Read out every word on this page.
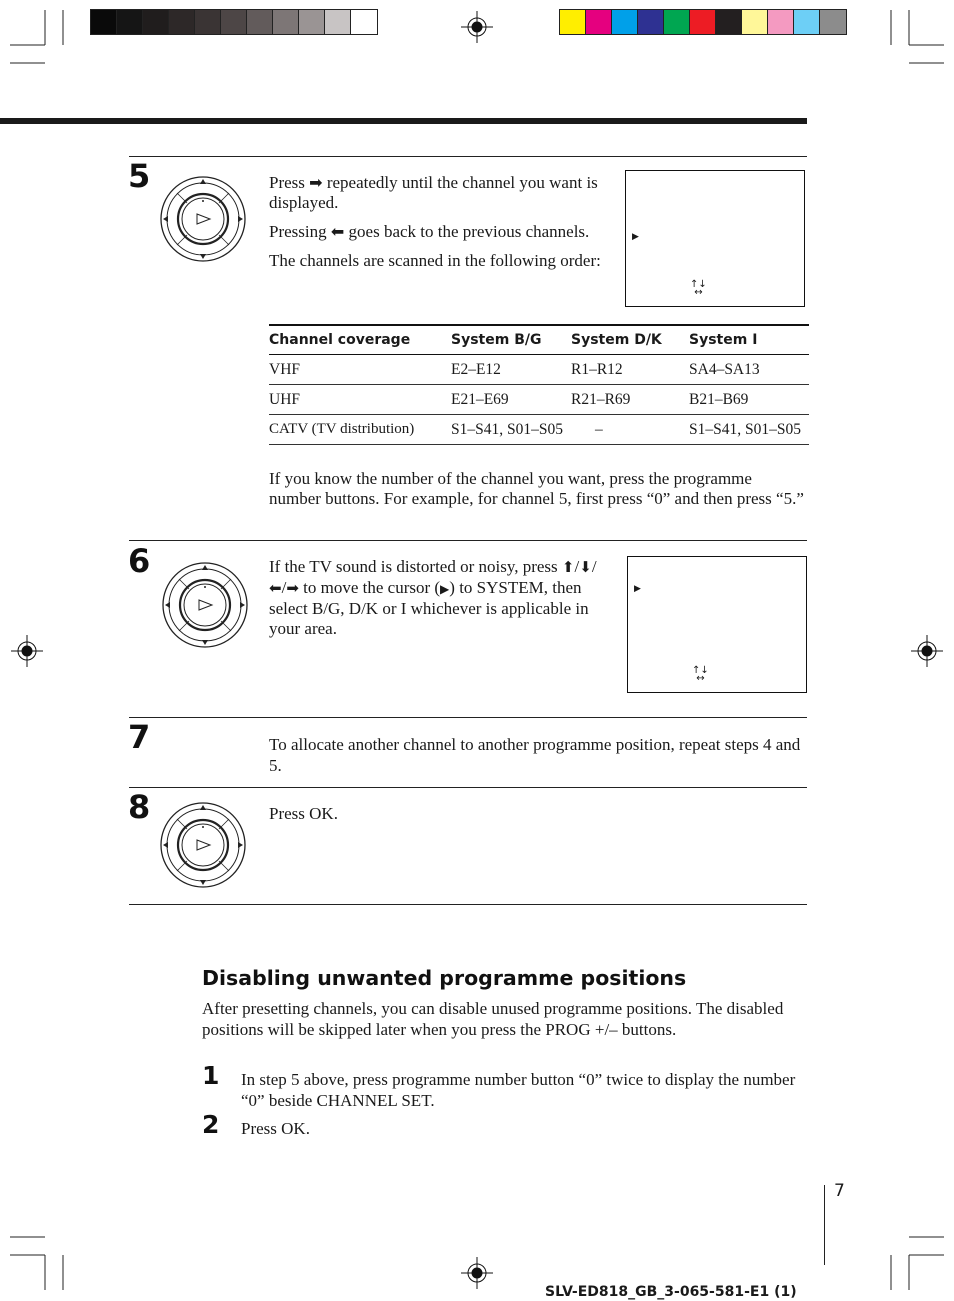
5	Press ➡ repeatedly until the channel you want is displayed.

Pressing ⬅ goes back to the previous channels.

The channels are scanned in the following order:

▶
↑↓
↔
Channel coverage	System B/G	System D/K	System I
VHF	E2–E12	R1–R12	SA4–SA13
UHF	E21–E69	R21–R69	B21–B69
CATV (TV distribution)	S1–S41, S01–S05	–	S1–S41, S01–S05

If you know the number of the channel you want, press the programme number buttons. For example, for channel 5, first press “0” and then press “5.”

6	If the TV sound is distorted or noisy, press ⬆/⬇/⬅/➡ to move the cursor (▶) to SYSTEM, then select B/G, D/K or I whichever is applicable in your area.

▶
↑↓
↔
7	To allocate another channel to another programme position, repeat steps 4 and 5.

8	Press OK.

Disabling unwanted programme positions

After presetting channels, you can disable unused programme positions. The disabled positions will be skipped later when you press the PROG +/– buttons.

1 In step 5 above, press programme number button “0” twice to display the number “0” beside CHANNEL SET.

2 Press OK.

7
SLV-ED818_GB_3-065-581-E1 (1)
